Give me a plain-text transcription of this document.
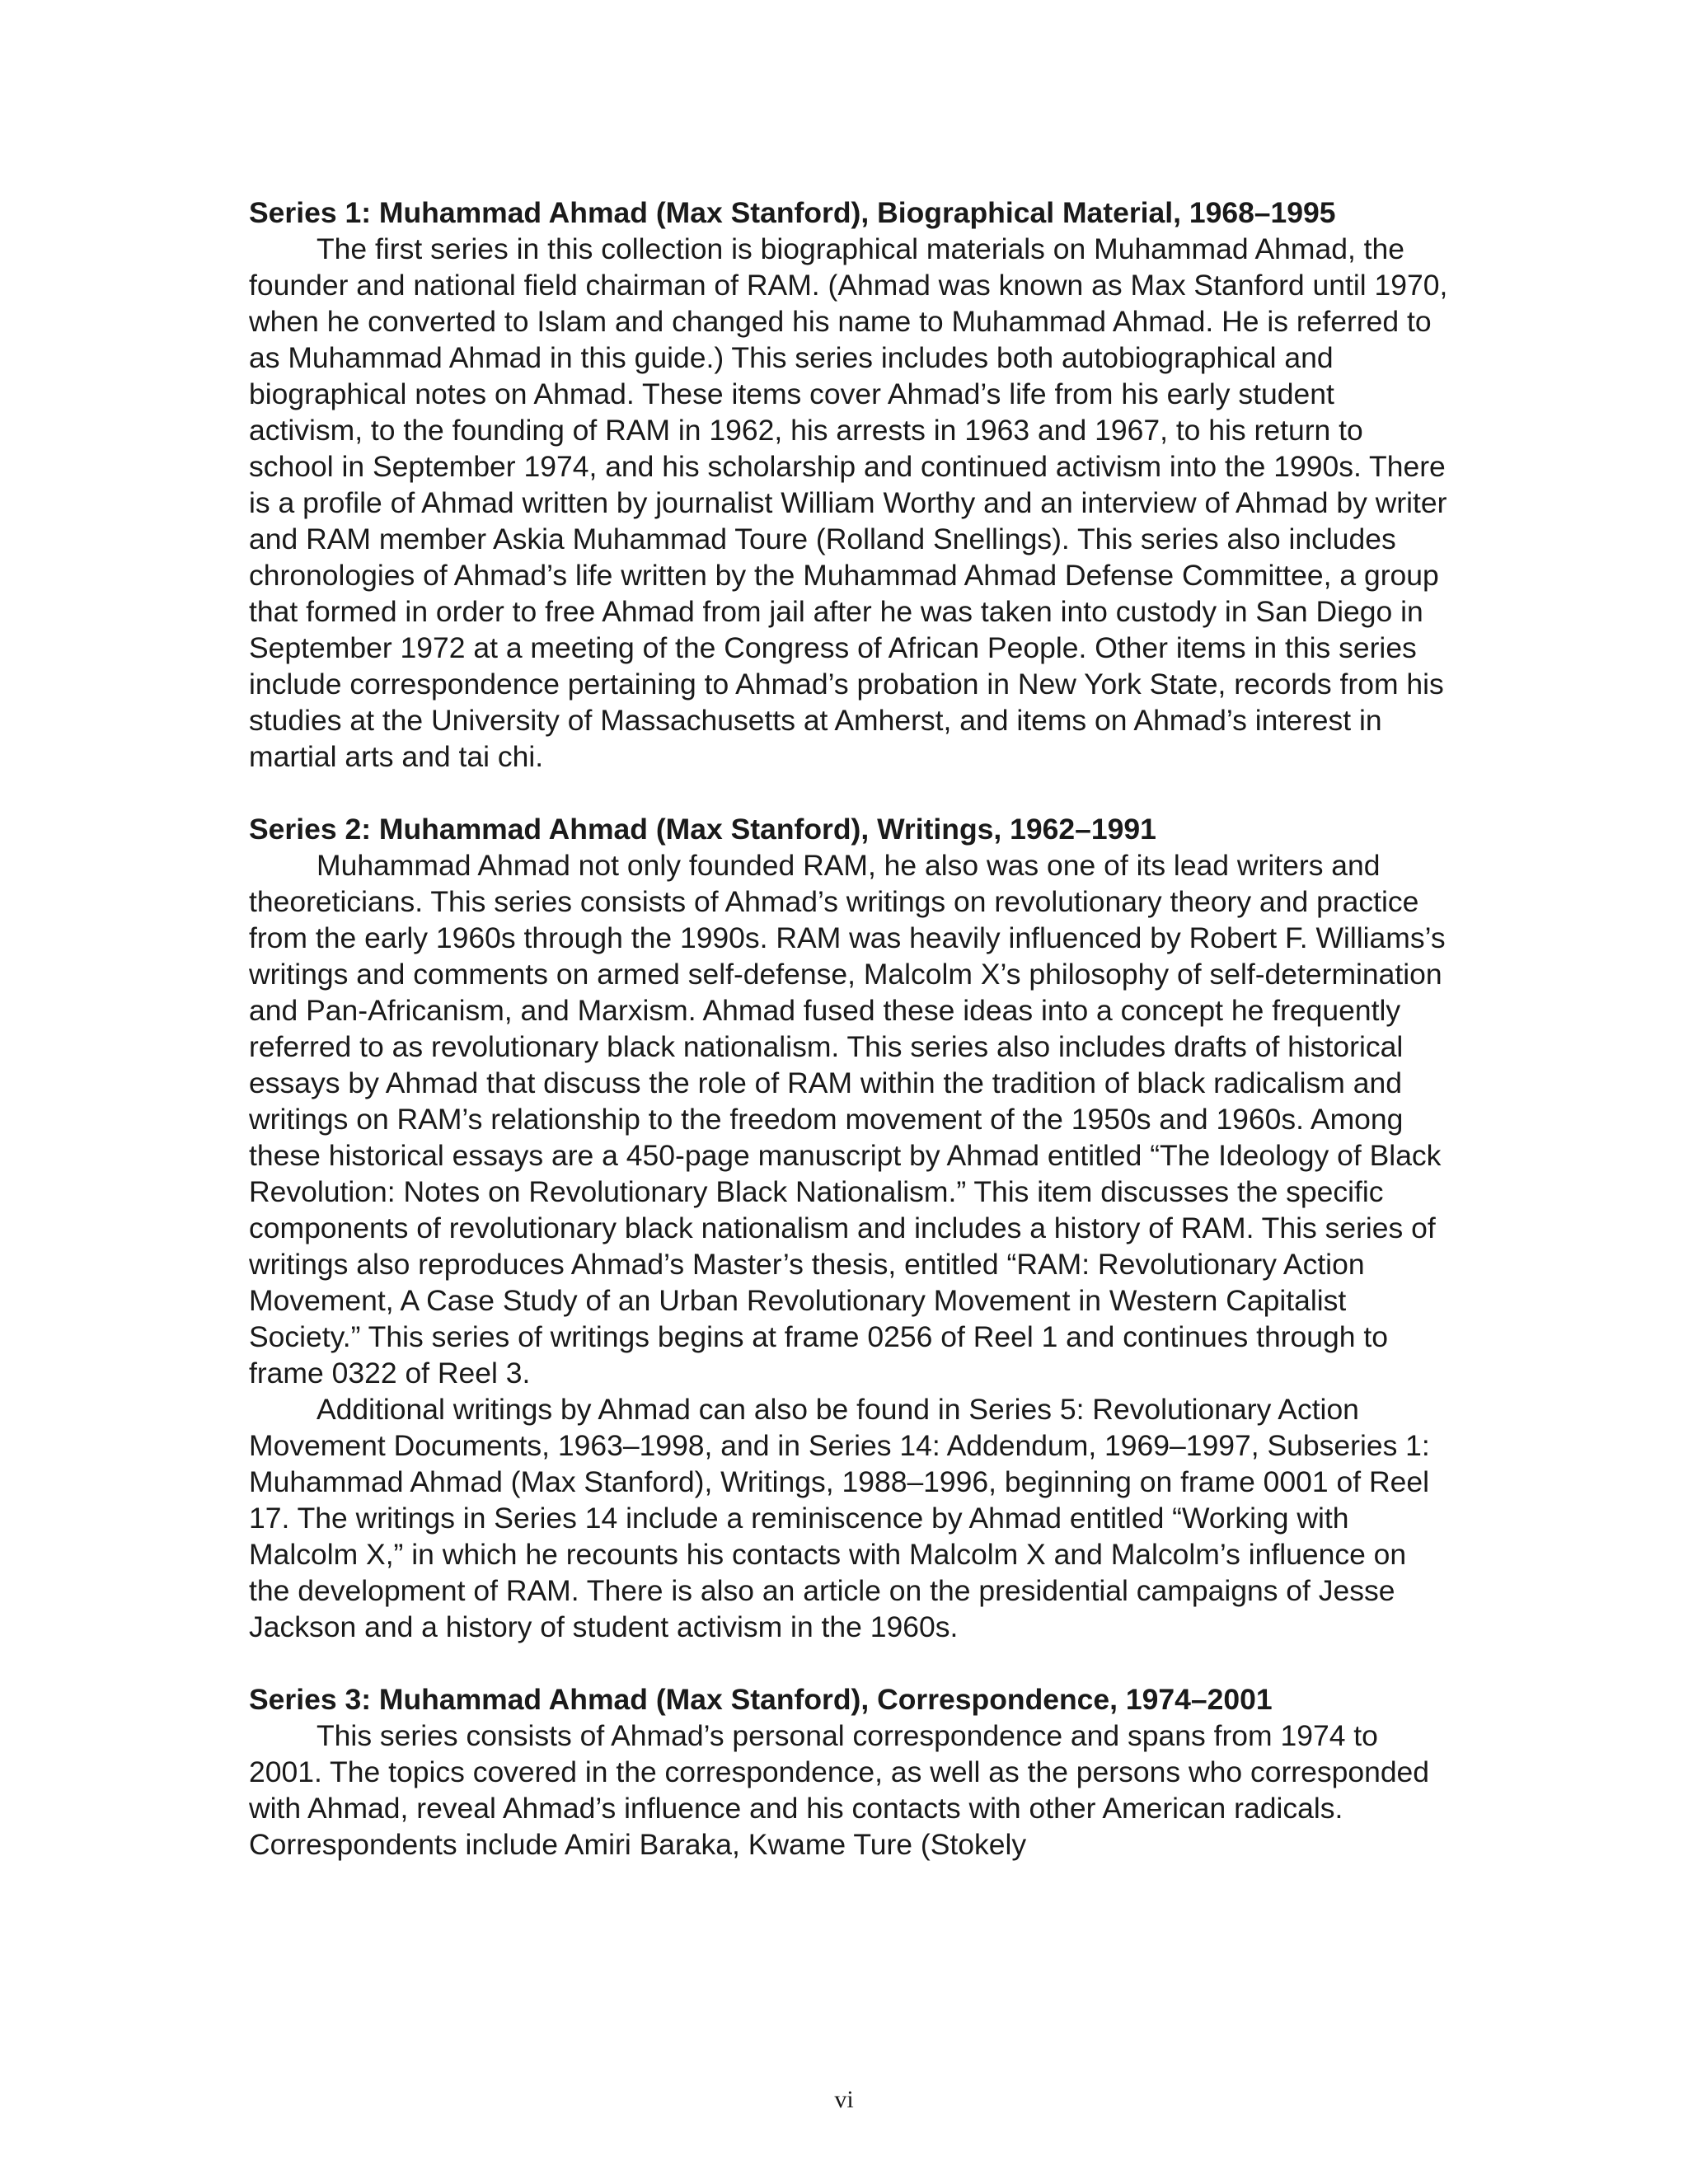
Series 1: Muhammad Ahmad (Max Stanford), Biographical Material, 1968–1995

The first series in this collection is biographical materials on Muhammad Ahmad, the founder and national field chairman of RAM. (Ahmad was known as Max Stanford until 1970, when he converted to Islam and changed his name to Muhammad Ahmad. He is referred to as Muhammad Ahmad in this guide.) This series includes both autobiographical and biographical notes on Ahmad. These items cover Ahmad’s life from his early student activism, to the founding of RAM in 1962, his arrests in 1963 and 1967, to his return to school in September 1974, and his scholarship and continued activism into the 1990s. There is a profile of Ahmad written by journalist William Worthy and an interview of Ahmad by writer and RAM member Askia Muhammad Toure (Rolland Snellings). This series also includes chronologies of Ahmad’s life written by the Muhammad Ahmad Defense Committee, a group that formed in order to free Ahmad from jail after he was taken into custody in San Diego in September 1972 at a meeting of the Congress of African People. Other items in this series include correspondence pertaining to Ahmad’s probation in New York State, records from his studies at the University of Massachusetts at Amherst, and items on Ahmad’s interest in martial arts and tai chi.

Series 2: Muhammad Ahmad (Max Stanford), Writings, 1962–1991

Muhammad Ahmad not only founded RAM, he also was one of its lead writers and theoreticians. This series consists of Ahmad’s writings on revolutionary theory and practice from the early 1960s through the 1990s. RAM was heavily influenced by Robert F. Williams’s writings and comments on armed self-defense, Malcolm X’s philosophy of self-determination and Pan-Africanism, and Marxism. Ahmad fused these ideas into a concept he frequently referred to as revolutionary black nationalism. This series also includes drafts of historical essays by Ahmad that discuss the role of RAM within the tradition of black radicalism and writings on RAM’s relationship to the freedom movement of the 1950s and 1960s. Among these historical essays are a 450-page manuscript by Ahmad entitled “The Ideology of Black Revolution: Notes on Revolutionary Black Nationalism.” This item discusses the specific components of revolutionary black nationalism and includes a history of RAM. This series of writings also reproduces Ahmad’s Master’s thesis, entitled “RAM: Revolutionary Action Movement, A Case Study of an Urban Revolutionary Movement in Western Capitalist Society.” This series of writings begins at frame 0256 of Reel 1 and continues through to frame 0322 of Reel 3.

Additional writings by Ahmad can also be found in Series 5: Revolutionary Action Movement Documents, 1963–1998, and in Series 14: Addendum, 1969–1997, Subseries 1: Muhammad Ahmad (Max Stanford), Writings, 1988–1996, beginning on frame 0001 of Reel 17. The writings in Series 14 include a reminiscence by Ahmad entitled “Working with Malcolm X,” in which he recounts his contacts with Malcolm X and Malcolm’s influence on the development of RAM. There is also an article on the presidential campaigns of Jesse Jackson and a history of student activism in the 1960s.

Series 3: Muhammad Ahmad (Max Stanford), Correspondence, 1974–2001

This series consists of Ahmad’s personal correspondence and spans from 1974 to 2001. The topics covered in the correspondence, as well as the persons who corresponded with Ahmad, reveal Ahmad’s influence and his contacts with other American radicals. Correspondents include Amiri Baraka, Kwame Ture (Stokely

vi
